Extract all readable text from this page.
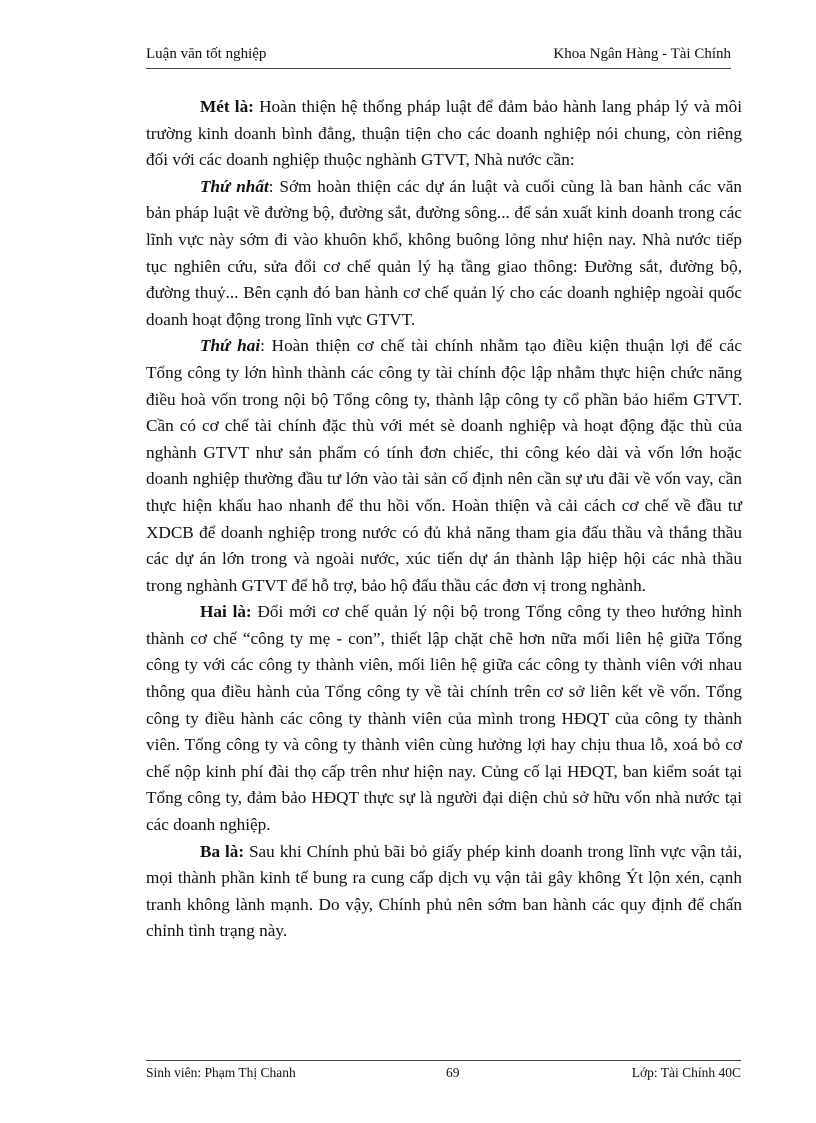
Luận văn tốt nghiệp	Khoa Ngân Hàng - Tài Chính

Mét là: Hoàn thiện hệ thống pháp luật để đảm bảo hành lang pháp lý và môi trường kinh doanh bình đẳng, thuận tiện cho các doanh nghiệp nói chung, còn riêng đối với các doanh nghiệp thuộc nghành GTVT, Nhà nước cần:

Thứ nhất: Sớm hoàn thiện các dự án luật và cuối cùng là ban hành các văn bản pháp luật về đường bộ, đường sắt, đường sông... để sản xuất kinh doanh trong các lĩnh vực này sớm đi vào khuôn khổ, không buông lỏng như hiện nay. Nhà nước tiếp tục nghiên cứu, sửa đổi cơ chế quản lý hạ tầng giao thông: Đường sắt, đường bộ, đường thuỷ... Bên cạnh đó ban hành cơ chế quản lý cho các doanh nghiệp ngoài quốc doanh hoạt động trong lĩnh vực GTVT.

Thứ hai: Hoàn thiện cơ chế tài chính nhằm tạo điều kiện thuận lợi để các Tổng công ty lớn hình thành các công ty tài chính độc lập nhằm thực hiện chức năng điều hoà vốn trong nội bộ Tổng công ty, thành lập công ty cổ phần bảo hiểm GTVT. Cần có cơ chế tài chính đặc thù với mét sè doanh nghiệp và hoạt động đặc thù của nghành GTVT như sản phẩm có tính đơn chiếc, thi công kéo dài và vốn lớn hoặc doanh nghiệp thường đầu tư lớn vào tài sản cố định nên cần sự ưu đãi về vốn vay, cần thực hiện khấu hao nhanh để thu hồi vốn. Hoàn thiện và cải cách cơ chế về đầu tư XDCB để doanh nghiệp trong nước có đủ khả năng tham gia đấu thầu và thắng thầu các dự án lớn trong và ngoài nước, xúc tiến dự án thành lập hiệp hội các nhà thầu trong nghành GTVT để hỗ trợ, bảo hộ đấu thầu các đơn vị trong nghành.

Hai là: Đổi mới cơ chế quản lý nội bộ trong Tổng công ty theo hướng hình thành cơ chế “công ty mẹ - con”, thiết lập chặt chẽ hơn nữa mối liên hệ giữa Tổng công ty với các công ty thành viên, mối liên hệ giữa các công ty thành viên với nhau thông qua điều hành của Tổng công ty về tài chính trên cơ sở liên kết về vốn. Tổng công ty điều hành các công ty thành viên của mình trong HĐQT của công ty thành viên. Tổng công ty và công ty thành viên cùng hưởng lợi hay chịu thua lỗ, xoá bỏ cơ chế nộp kinh phí đài thọ cấp trên như hiện nay. Củng cố lại HĐQT, ban kiểm soát tại Tổng công ty, đảm bảo HĐQT thực sự là người đại diện chủ sở hữu vốn nhà nước tại các doanh nghiệp.

Ba là: Sau khi Chính phủ bãi bỏ giấy phép kinh doanh trong lĩnh vực vận tải, mọi thành phần kinh tế bung ra cung cấp dịch vụ vận tải gây không Ýt lộn xén, cạnh tranh không lành mạnh. Do vậy, Chính phủ nên sớm ban hành các quy định để chấn chỉnh tình trạng này.

Sinh viên: Phạm Thị Chanh	69	Lớp: Tài Chính 40C
